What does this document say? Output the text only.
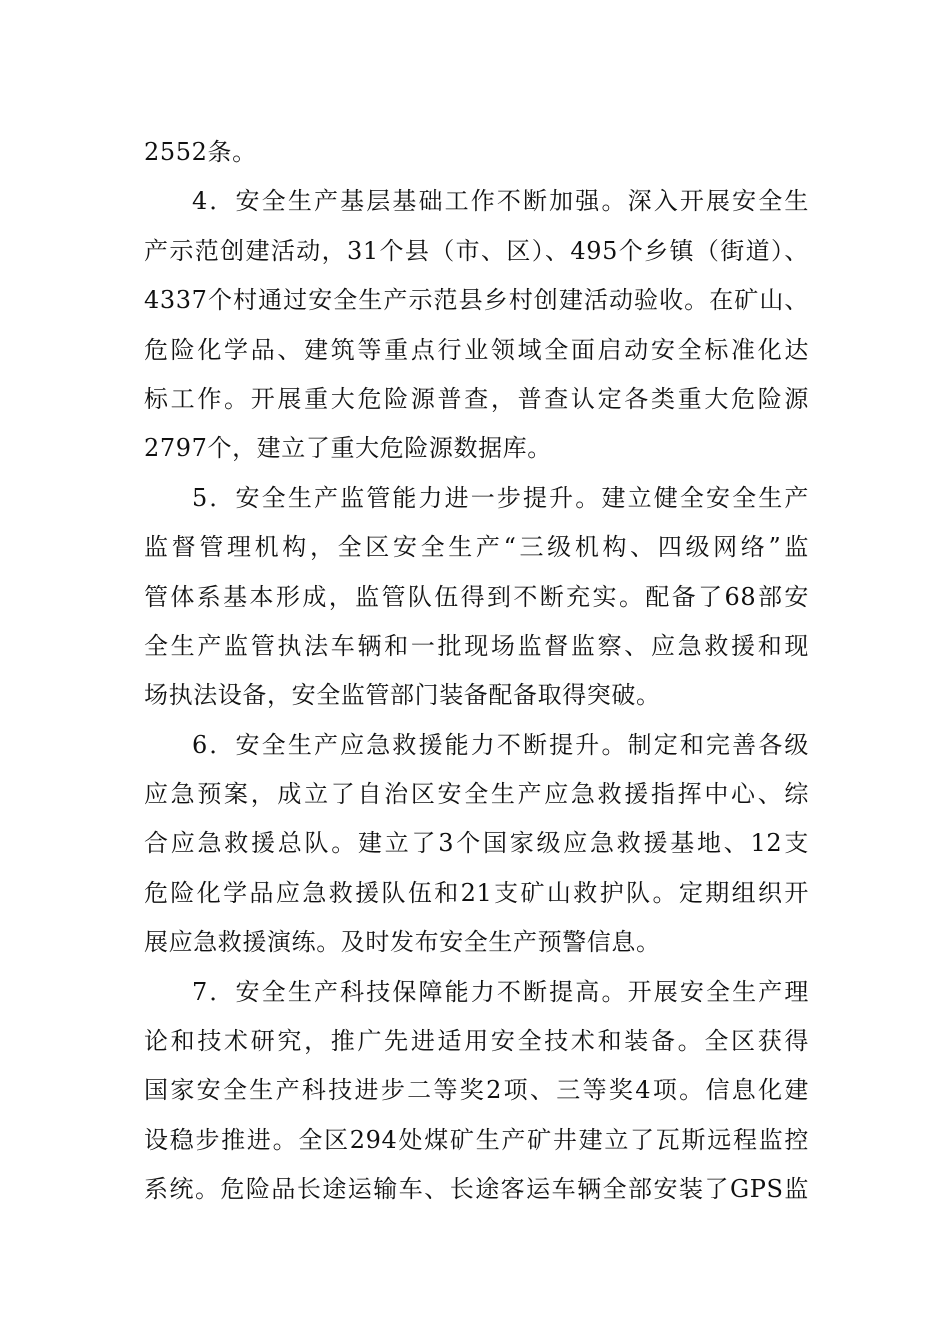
2552条。
4．安全生产基层基础工作不断加强。深入开展安全生
产示范创建活动，31个县（市、区）、495个乡镇（街道）、
4337个村通过安全生产示范县乡村创建活动验收。在矿山、
危险化学品、建筑等重点行业领域全面启动安全标准化达
标工作。开展重大危险源普查，普查认定各类重大危险源
2797个，建立了重大危险源数据库。
5．安全生产监管能力进一步提升。建立健全安全生产
监督管理机构，全区安全生产“三级机构、四级网络”监
管体系基本形成，监管队伍得到不断充实。配备了68部安
全生产监管执法车辆和一批现场监督监察、应急救援和现
场执法设备，安全监管部门装备配备取得突破。
6．安全生产应急救援能力不断提升。制定和完善各级
应急预案，成立了自治区安全生产应急救援指挥中心、综
合应急救援总队。建立了3个国家级应急救援基地、12支
危险化学品应急救援队伍和21支矿山救护队。定期组织开
展应急救援演练。及时发布安全生产预警信息。
7．安全生产科技保障能力不断提高。开展安全生产理
论和技术研究，推广先进适用安全技术和装备。全区获得
国家安全生产科技进步二等奖2项、三等奖4项。信息化建
设稳步推进。全区294处煤矿生产矿井建立了瓦斯远程监控
系统。危险品长途运输车、长途客运车辆全部安装了GPS监
